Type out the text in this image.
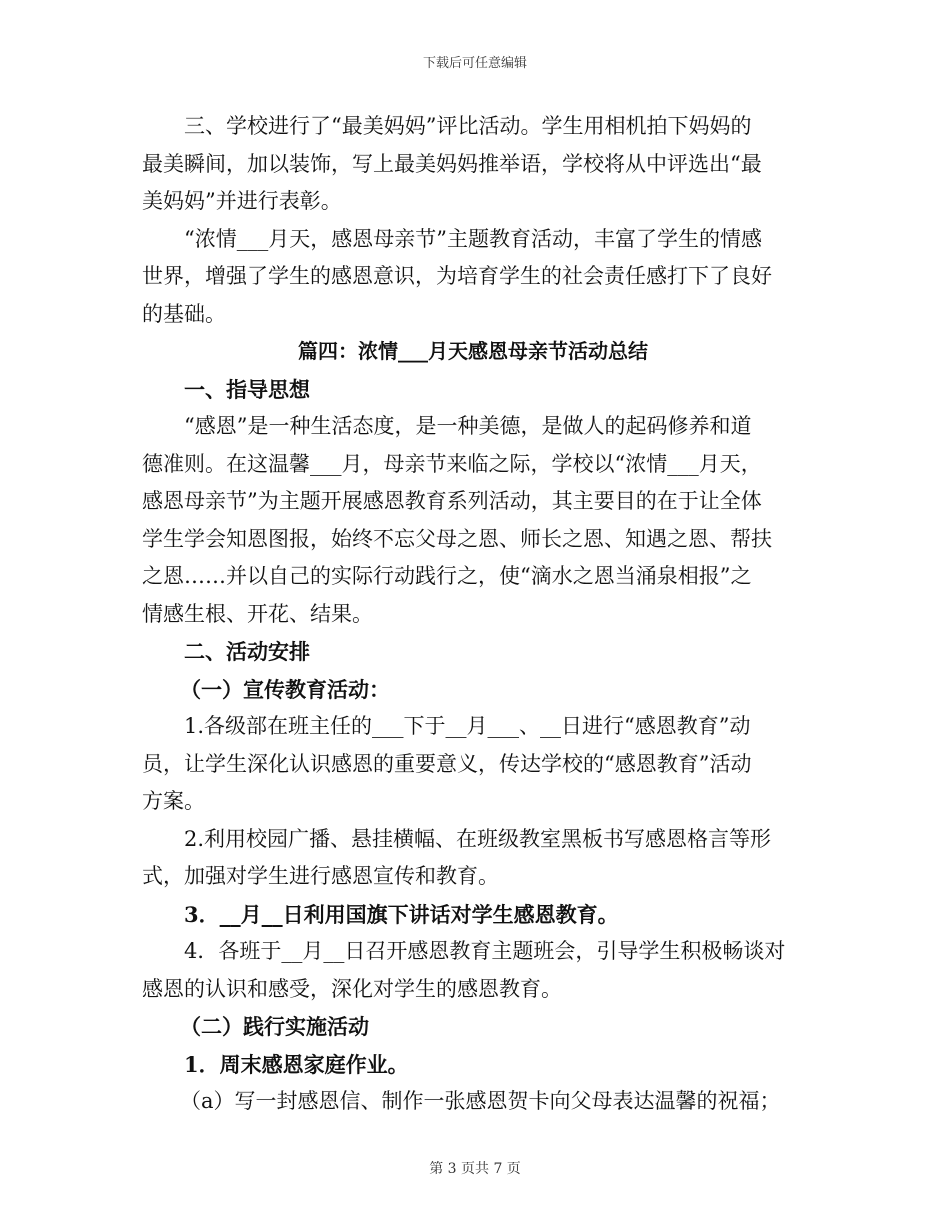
下载后可任意编辑
三、学校进行了“最美妈妈”评比活动。学生用相机拍下妈妈的
最美瞬间，加以装饰，写上最美妈妈推举语，学校将从中评选出“最
美妈妈”并进行表彰。
“浓情___月天，感恩母亲节”主题教育活动，丰富了学生的情感
世界，增强了学生的感恩意识，为培育学生的社会责任感打下了良好
的基础。
篇四：浓情___月天感恩母亲节活动总结
一、指导思想
“感恩”是一种生活态度，是一种美德，是做人的起码修养和道
德准则。在这温馨___月，母亲节来临之际，学校以“浓情___月天，
感恩母亲节”为主题开展感恩教育系列活动，其主要目的在于让全体
学生学会知恩图报，始终不忘父母之恩、师长之恩、知遇之恩、帮扶
之恩……并以自己的实际行动践行之，使“滴水之恩当涌泉相报”之
情感生根、开花、结果。
二、活动安排
（一）宣传教育活动：
1.各级部在班主任的___下于__月___、__日进行“感恩教育”动
员，让学生深化认识感恩的重要意义，传达学校的“感恩教育”活动
方案。
2.利用校园广播、悬挂横幅、在班级教室黑板书写感恩格言等形
式，加强对学生进行感恩宣传和教育。
3．__月__日利用国旗下讲话对学生感恩教育。
4．各班于__月__日召开感恩教育主题班会，引导学生积极畅谈对
感恩的认识和感受，深化对学生的感恩教育。
（二）践行实施活动
1．周末感恩家庭作业。
（a）写一封感恩信、制作一张感恩贺卡向父母表达温馨的祝福；
第 3 页共 7 页
